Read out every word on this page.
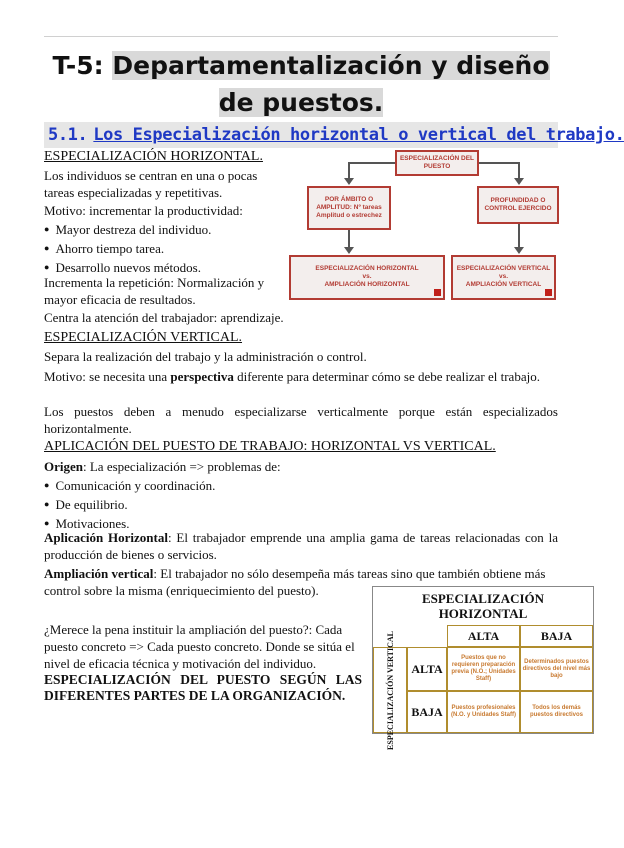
T-5: Departamentalización y diseño
de puestos.
5.1. Los Especialización horizontal o vertical del trabajo.
ESPECIALIZACIÓN HORIZONTAL.
Los individuos se centran en una o pocas tareas especializadas y repetitivas.
Motivo: incrementar la productividad:
● Mayor destreza del individuo.
● Ahorro tiempo tarea.
● Desarrollo nuevos métodos.
Incrementa la repetición: Normalización y mayor eficacia de resultados.
Centra la atención del trabajador: aprendizaje.
ESPECIALIZACIÓN DEL PUESTO
POR ÁMBITO O AMPLITUD: Nº tareas Amplitud o estrechez
PROFUNDIDAD O CONTROL EJERCIDO
ESPECIALIZACIÓN HORIZONTAL
vs.
AMPLIACIÓN HORIZONTAL
ESPECIALIZACIÓN VERTICAL
vs.
AMPLIACIÓN VERTICAL
ESPECIALIZACIÓN VERTICAL.
Separa la realización del trabajo y la administración o control.
Motivo: se necesita una perspectiva diferente para determinar cómo se debe realizar el trabajo.
Los puestos deben a menudo especializarse verticalmente porque están especializados horizontalmente.
APLICACIÓN DEL PUESTO DE TRABAJO: HORIZONTAL VS VERTICAL.
Origen: La especialización => problemas de:
● Comunicación y coordinación.
● De equilibrio.
● Motivaciones.
Aplicación Horizontal: El trabajador emprende una amplia gama de tareas relacionadas con la producción de bienes o servicios.
Ampliación vertical: El trabajador no sólo desempeña más tareas sino que también obtiene más control sobre la misma (enriquecimiento del puesto).
¿Merece la pena instituir la ampliación del puesto?: Cada puesto concreto => Cada puesto concreto. Donde se sitúa el nivel de eficacia técnica y motivación del individuo.
ESPECIALIZACIÓN DEL PUESTO SEGÚN LAS DIFERENTES PARTES DE LA ORGANIZACIÓN.
ESPECIALIZACIÓN HORIZONTAL
ALTA	BAJA
ESPECIALIZACIÓN VERTICAL	ALTA
BAJA
Puestos que no requieren preparación previa (N.O.; Unidades Staff)
Determinados puestos directivos del nivel más bajo
Puestos profesionales (N.O. y Unidades Staff)
Todos los demás puestos directivos
